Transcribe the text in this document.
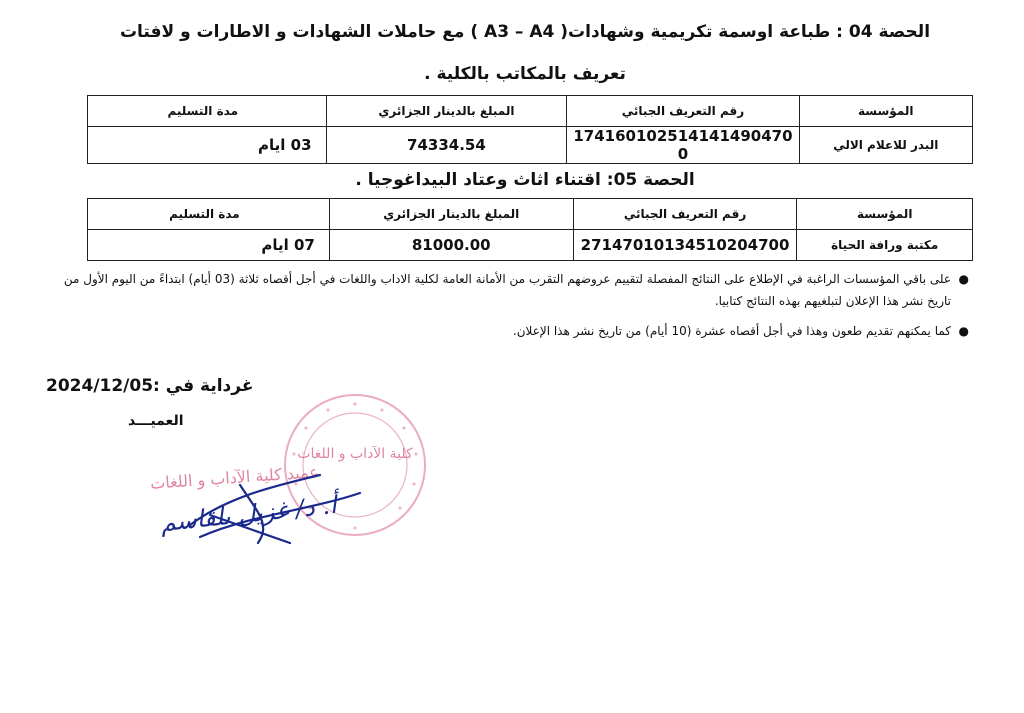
الحصة 04 : طباعة اوسمة تكريمية وشهادات( A3 – A4 ) مع حاملات الشهادات و الاطارات و لافتات
تعريف بالمكاتب بالكلية .
المؤسسة	رقم التعريف الجبائي	المبلغ بالدينار الجزائري	مدة التسليم
البدر للاعلام الالي	174160102514141490470​0	74334.54	03 ايام
الحصة 05: اقتناء اثاث وعتاد البيداغوجيا .
المؤسسة	رقم التعريف الجبائي	المبلغ بالدينار الجزائري	مدة التسليم
مكتبة ورافة الحياة	271470101345102047​00	81000.00	07 ايام
●
على باقي المؤسسات الراغبة في الإطلاع على النتائج المفصلة لتقييم عروضهم التقرب من الأمانة العامة لكلية الاداب واللغات في أجل أقصاه ثلاثة (03 أيام) ابتداءً من اليوم الأول من تاريخ نشر هذا الإعلان لتبلغيهم بهذه النتائج كتابيا.
●
كما يمكنهم تقديم طعون وهذا في أجل أقصاه عشرة (10 أيام) من تاريخ نشر هذا الإعلان.
غرداية في :2024/12/05
العميـــد
كلية الآداب و اللغات
عميد كلية الآداب و اللغات
أ. د/ غزيل بلقاسم
